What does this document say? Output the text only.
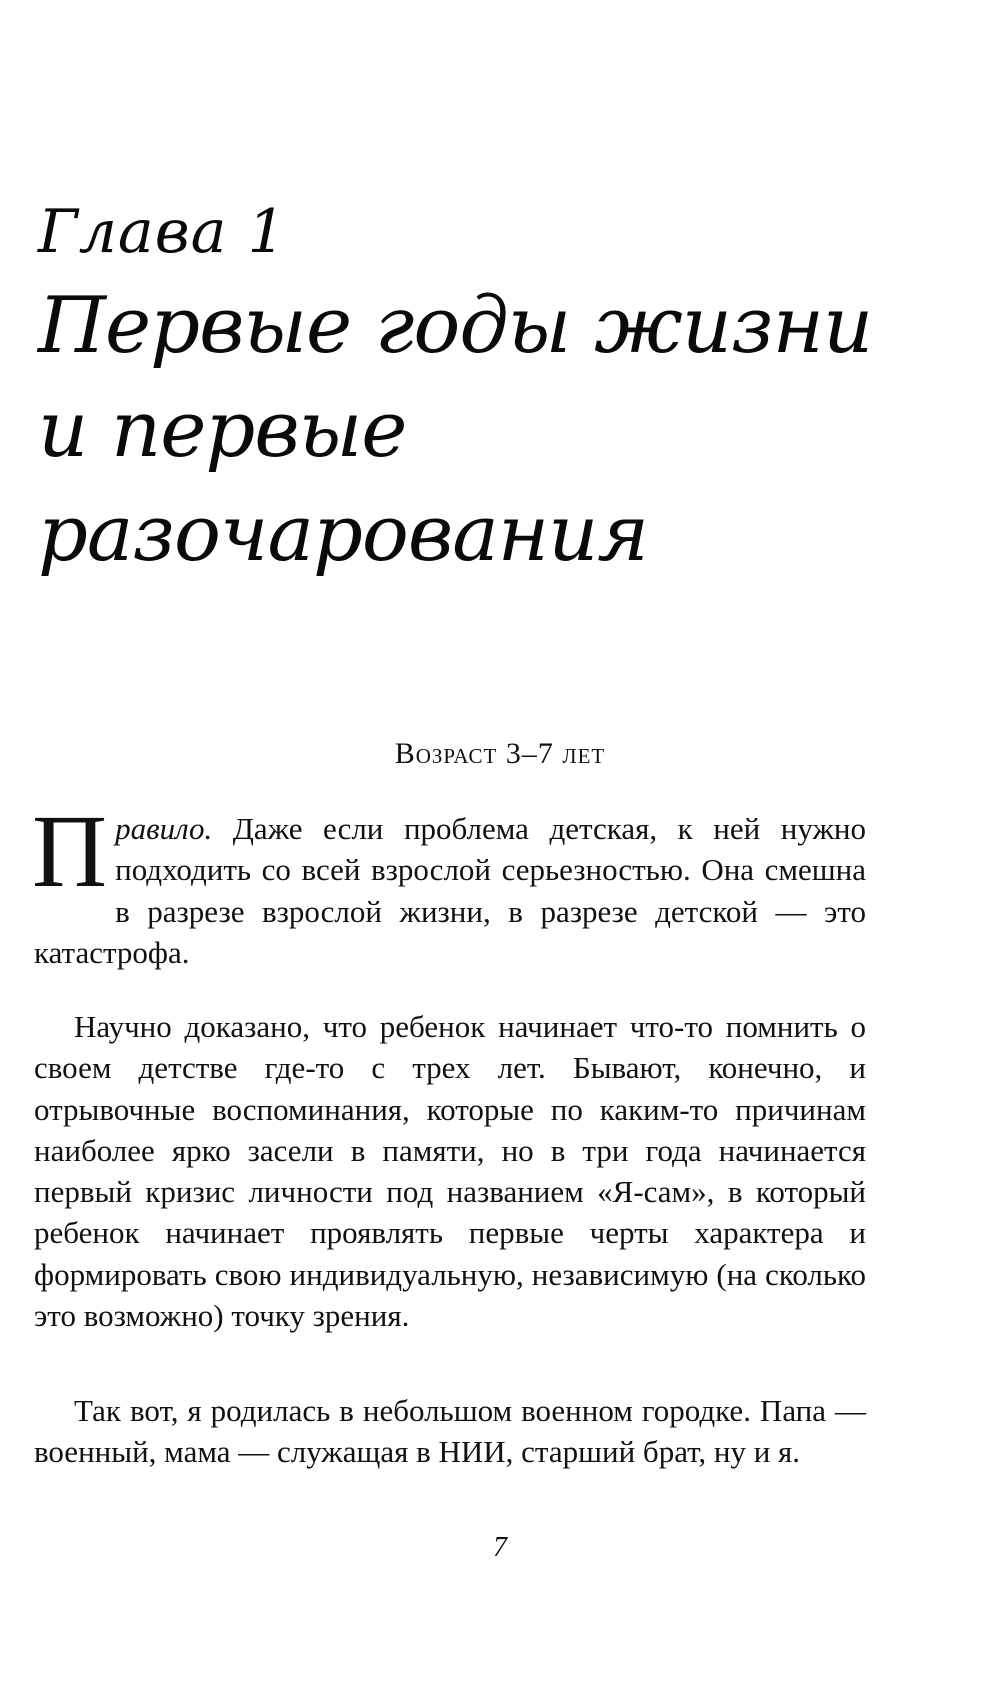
Глава 1
Первые годы жизни
и первые разочарования
Возраст 3–7 лет
Правило. Даже если проблема детская, к ней нужно подходить со всей взрослой серьезностью. Она смешна в разрезе взрослой жизни, в разрезе детской — это катастрофа.

Научно доказано, что ребенок начинает что-то помнить о своем детстве где-то с трех лет. Бывают, конечно, и отрывочные воспоминания, которые по каким-то причинам наиболее ярко засели в памяти, но в три года начинается первый кризис личности под названием «Я-сам», в который ребенок начинает проявлять первые черты характера и формировать свою индивидуальную, независимую (на сколько это возможно) точку зрения.

Так вот, я родилась в небольшом военном городке. Папа — военный, мама — служащая в НИИ, старший брат, ну и я.

7
